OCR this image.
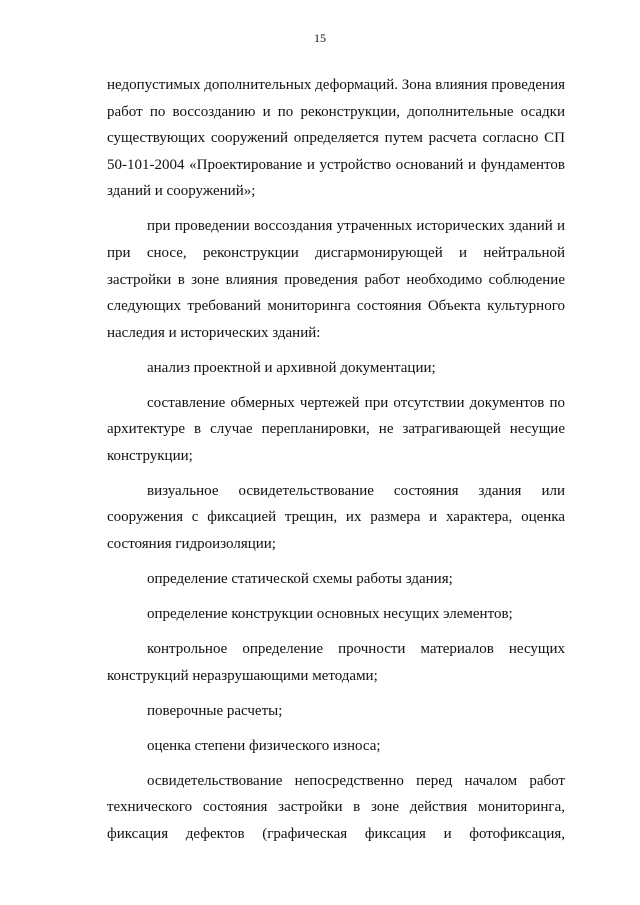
15

недопустимых дополнительных деформаций. Зона влияния проведения работ по воссозданию и по реконструкции, дополнительные осадки существующих сооружений определяется путем расчета согласно СП 50-101-2004 «Проектирование и устройство оснований и фундаментов зданий и сооружений»;

при проведении воссоздания утраченных исторических зданий и при сносе, реконструкции дисгармонирующей и нейтральной застройки в зоне влияния проведения работ необходимо соблюдение следующих требований мониторинга состояния Объекта культурного наследия и исторических зданий:

анализ проектной и архивной документации;

составление обмерных чертежей при отсутствии документов по архитектуре в случае перепланировки, не затрагивающей несущие конструкции;

визуальное освидетельствование состояния здания или сооружения с фиксацией трещин, их размера и характера, оценка состояния гидроизоляции;

определение статической схемы работы здания;

определение конструкции основных несущих элементов;

контрольное определение прочности материалов несущих конструкций неразрушающими методами;

поверочные расчеты;

оценка степени физического износа;

освидетельствование непосредственно перед началом работ технического состояния застройки в зоне действия мониторинга, фиксация дефектов (графическая фиксация и фотофиксация,
